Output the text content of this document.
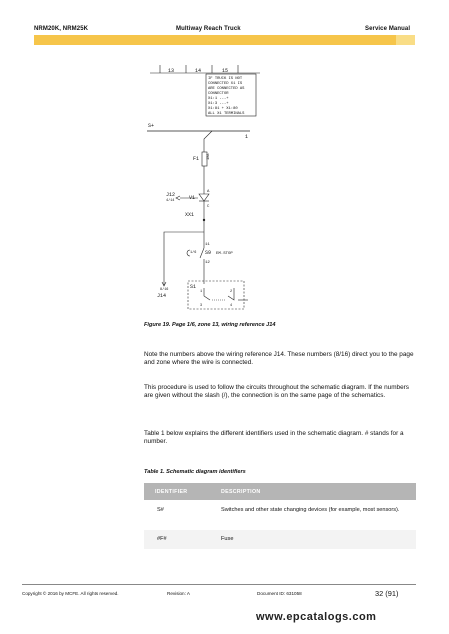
NRM20K, NRM25K	Multiway Reach Truck	Service Manual
13	14	15
IF TRUCK IS NOT
CONNECTED X1 IS
ARE CONNECTED AS
CONNECTOR
X1:1 ---+
X1:3 ---+
X1:81 + X1:80
ALL X1 TERMINALS
S+
1
F1 10A
J12
4/14
A
V1
C
XX1
8/16
J14
11
1/6 S9 EM.STOP
12
S1
1	2
3	4
Figure 19. Page 1/6, zone 13, wiring reference J14
Note the numbers above the wiring reference J14. These numbers (8/16) direct you to the page and zone where the wire is connected.
This procedure is used to follow the circuits throughout the schematic diagram. If the numbers are given without the slash (/), the connection is on the same page of the schematics.
Table 1 below explains the different identifiers used in the schematic diagram. # stands for a number.
Table 1. Schematic diagram identifiers
IDENTIFIER	DESCRIPTION
S#	Switches and other state changing devices (for example, most sensors).
#F#	Fuse
Copyright © 2016 by MCFE. All rights reserved.	Revision: A	Document ID: 631058	32 (91)
www.epcatalogs.com
